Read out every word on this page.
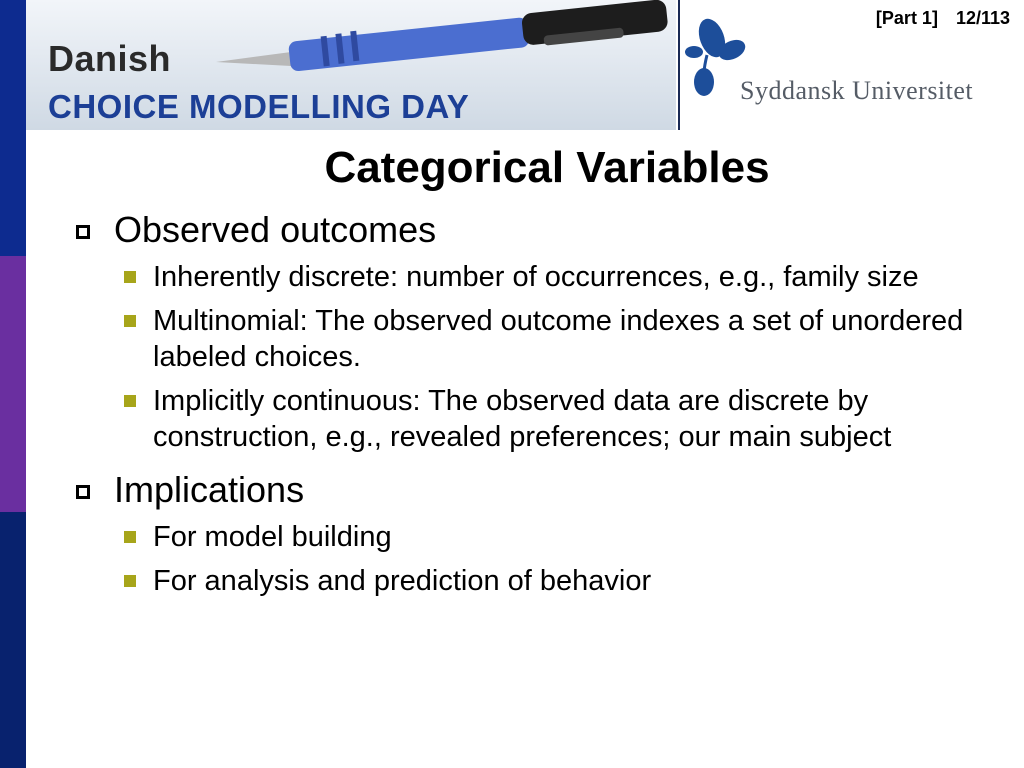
Danish
CHOICE MODELLING DAY	Syddansk Universitet
[Part 1] 12/113
Categorical Variables
Observed outcomes
Inherently discrete: number of occurrences, e.g., family size
Multinomial: The observed outcome indexes a set of unordered labeled choices.
Implicitly continuous: The observed data are discrete by construction, e.g., revealed preferences; our main subject
Implications
For model building
For analysis and prediction of behavior
